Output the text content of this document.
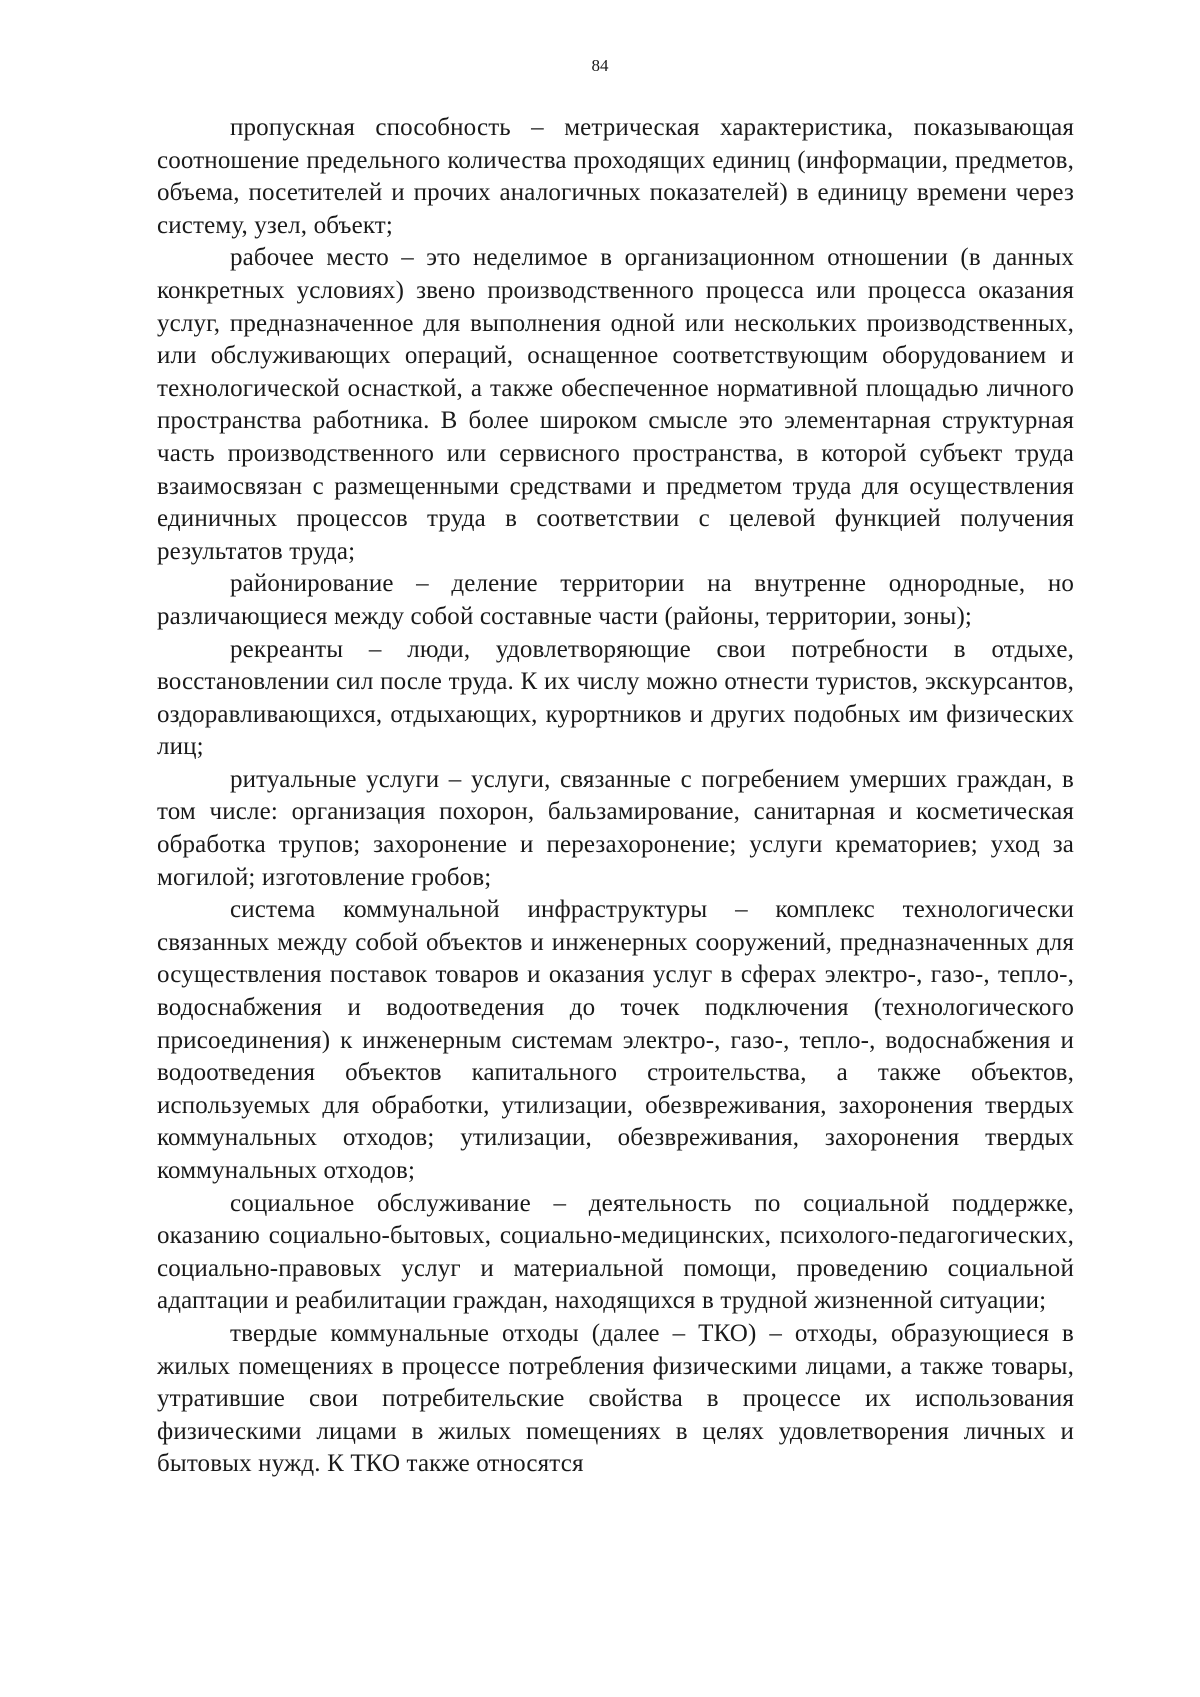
84

пропускная способность – метрическая характеристика, показывающая соотношение предельного количества проходящих единиц (информации, предметов, объема, посетителей и прочих аналогичных показателей) в единицу времени через систему, узел, объект;

рабочее место – это неделимое в организационном отношении (в данных конкретных условиях) звено производственного процесса или процесса оказания услуг, предназначенное для выполнения одной или нескольких производственных, или обслуживающих операций, оснащенное соответствующим оборудованием и технологической оснасткой, а также обеспеченное нормативной площадью личного пространства работника. В более широком смысле это элементарная структурная часть производственного или сервисного пространства, в которой субъект труда взаимосвязан с размещенными средствами и предметом труда для осуществления единичных процессов труда в соответствии с целевой функцией получения результатов труда;

районирование – деление территории на внутренне однородные, но различающиеся между собой составные части (районы, территории, зоны);

рекреанты – люди, удовлетворяющие свои потребности в отдыхе, восстановлении сил после труда. К их числу можно отнести туристов, экскурсантов, оздоравливающихся, отдыхающих, курортников и других подобных им физических лиц;

ритуальные услуги – услуги, связанные с погребением умерших граждан, в том числе: организация похорон, бальзамирование, санитарная и косметическая обработка трупов; захоронение и перезахоронение; услуги крематориев; уход за могилой; изготовление гробов;

система коммунальной инфраструктуры – комплекс технологически связанных между собой объектов и инженерных сооружений, предназначенных для осуществления поставок товаров и оказания услуг в сферах электро-, газо-, тепло-, водоснабжения и водоотведения до точек подключения (технологического присоединения) к инженерным системам электро-, газо-, тепло-, водоснабжения и водоотведения объектов капитального строительства, а также объектов, используемых для обработки, утилизации, обезвреживания, захоронения твердых коммунальных отходов; утилизации, обезвреживания, захоронения твердых коммунальных отходов;

социальное обслуживание – деятельность по социальной поддержке, оказанию социально-бытовых, социально-медицинских, психолого-педагогических, социально-правовых услуг и материальной помощи, проведению социальной адаптации и реабилитации граждан, находящихся в трудной жизненной ситуации;

твердые коммунальные отходы (далее – ТКО) – отходы, образующиеся в жилых помещениях в процессе потребления физическими лицами, а также товары, утратившие свои потребительские свойства в процессе их использования физическими лицами в жилых помещениях в целях удовлетворения личных и бытовых нужд. К ТКО также относятся
